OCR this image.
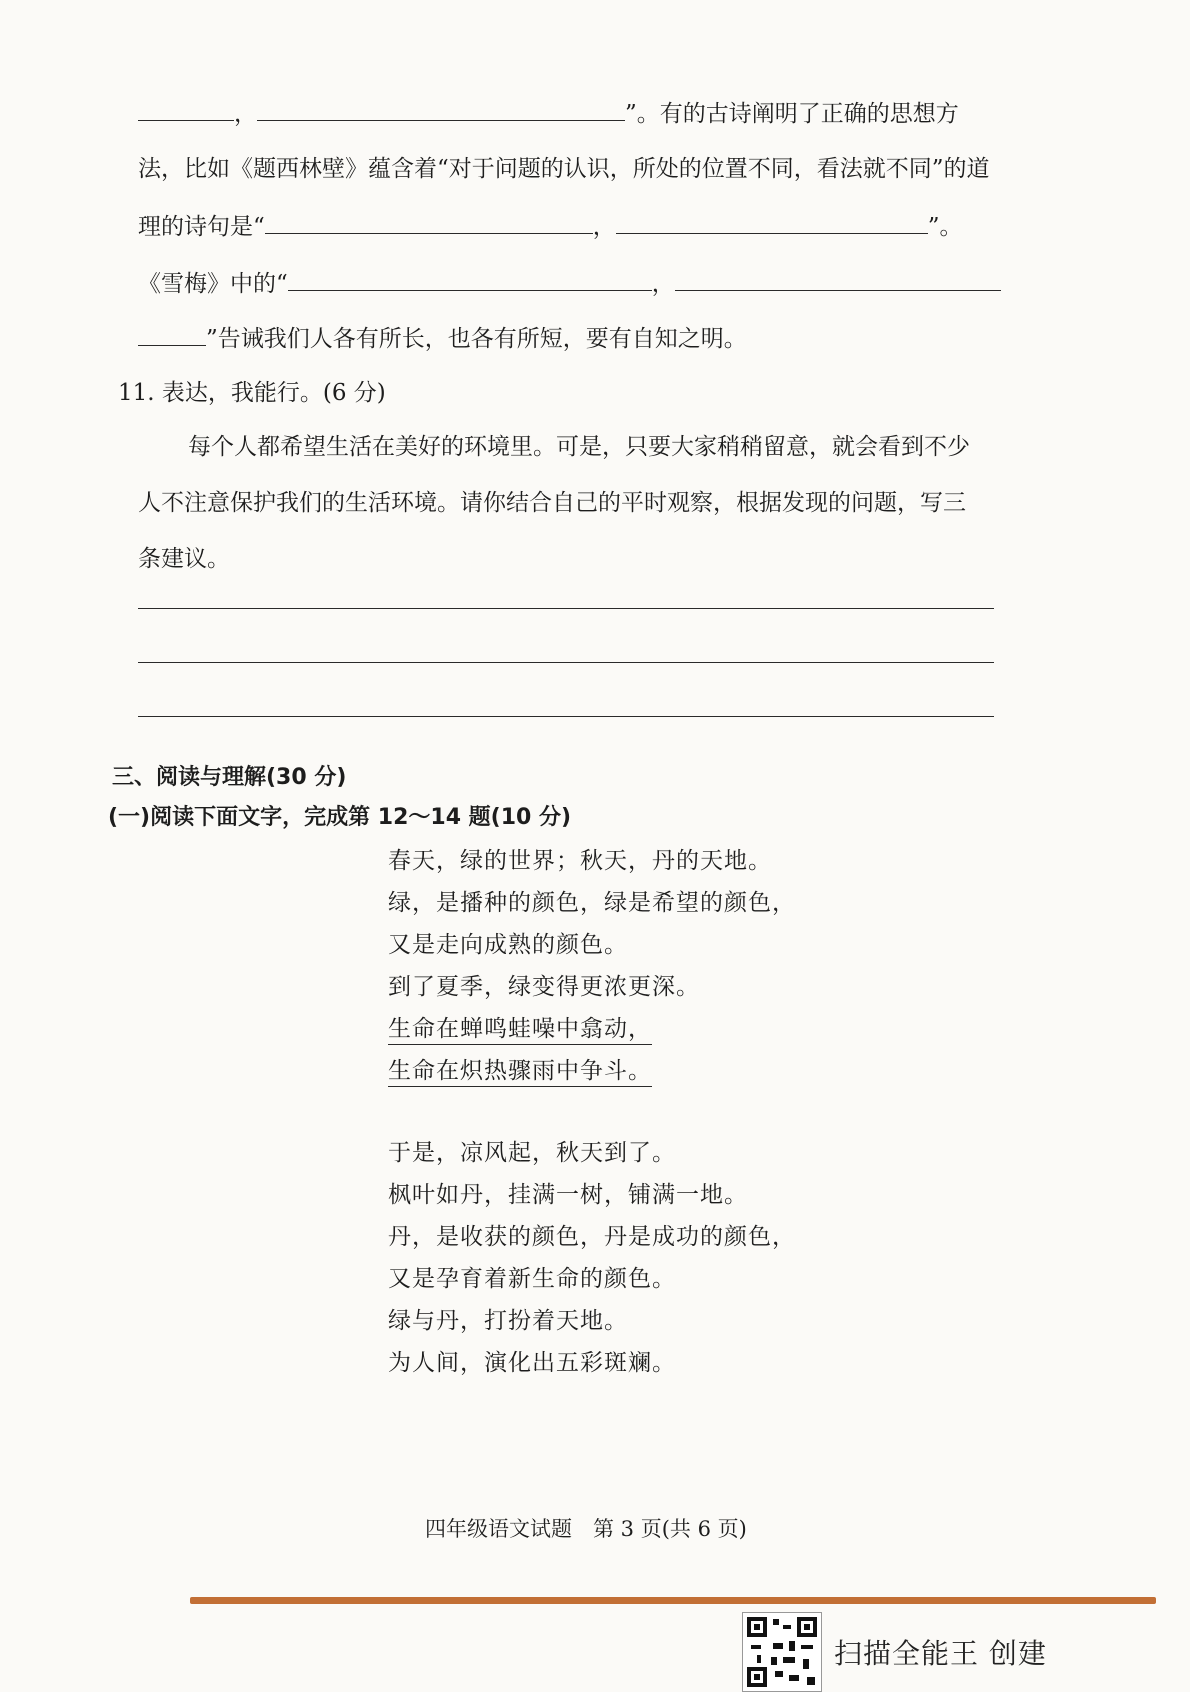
，	”。有的古诗阐明了正确的思想方
法，比如《题西林壁》蕴含着“对于问题的认识，所处的位置不同，看法就不同”的道
理的诗句是“	，	”。
《雪梅》中的“	，
”告诫我们人各有所长，也各有所短，要有自知之明。
11. 表达，我能行。(6 分)
每个人都希望生活在美好的环境里。可是，只要大家稍稍留意，就会看到不少
人不注意保护我们的生活环境。请你结合自己的平时观察，根据发现的问题，写三
条建议。
三、阅读与理解(30 分)
(一)阅读下面文字，完成第 12～14 题(10 分)
春天，绿的世界；秋天，丹的天地。
绿，是播种的颜色，绿是希望的颜色，
又是走向成熟的颜色。
到了夏季，绿变得更浓更深。
生命在蝉鸣蛙噪中翕动，
生命在炽热骤雨中争斗。
于是，凉风起，秋天到了。
枫叶如丹，挂满一树，铺满一地。
丹，是收获的颜色，丹是成功的颜色，
又是孕育着新生命的颜色。
绿与丹，打扮着天地。
为人间，演化出五彩斑斓。
四年级语文试题　第 3 页(共 6 页)
扫描全能王 创建
